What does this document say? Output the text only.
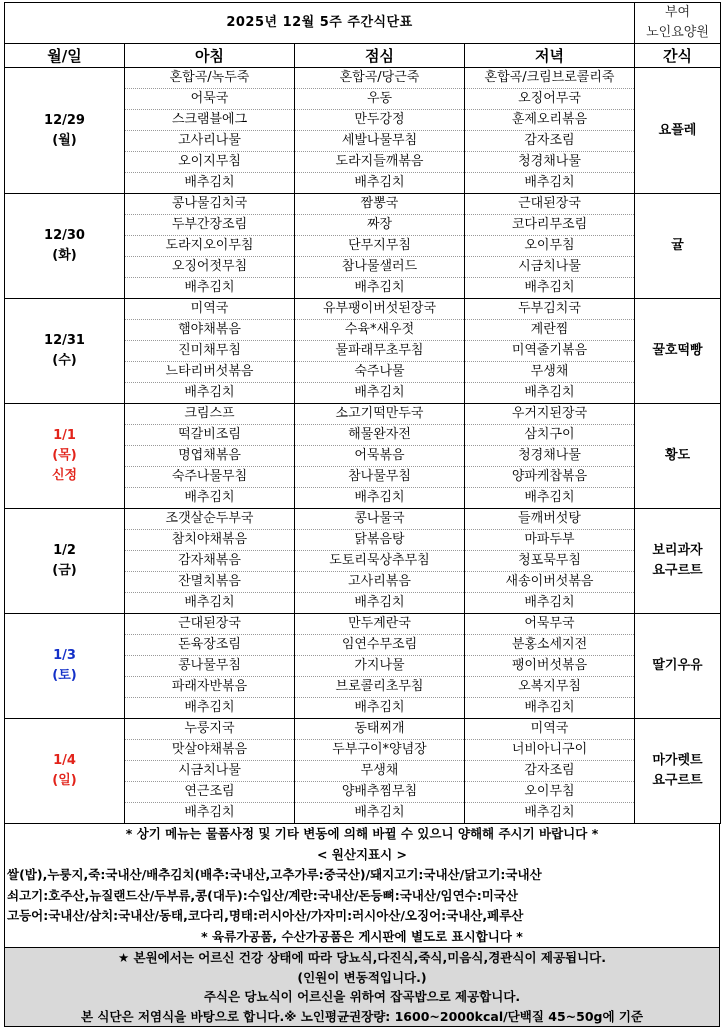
2025년 12월 5주 주간식단표				부여
노인요양원

월/일	아침	점심	저녁	간식

12/29
(월)	혼합곡/녹두죽	혼합곡/당근죽	혼합곡/크림브로콜리죽	요플레

	어묵국	우동	오징어무국	
	스크램블에그	만두강정	훈제오리볶음	
	고사리나물	세발나물무침	감자조림	
	오이지무침	도라지들깨볶음	청경채나물	
	배추김치	배추김치	배추김치	

12/30
(화)	콩나물김치국	짬뽕국	근대된장국	귤

	두부간장조림	짜장	코다리무조림	
	도라지오이무침	단무지무침	오이무침	
	오징어젓무침	참나물샐러드	시금치나물	
	배추김치	배추김치	배추김치	

12/31
(수)	미역국	유부팽이버섯된장국	두부김치국	꿀호떡빵

	햄야채볶음	수육*새우젓	계란찜	
	진미채무침	물파래무초무침	미역줄기볶음	
	느타리버섯볶음	숙주나물	무생채	
	배추김치	배추김치	배추김치	

1/1
(목)
신정	크림스프	소고기떡만두국	우거지된장국	황도

	떡갈비조림	해물완자전	삼치구이	
	명엽채볶음	어묵볶음	청경채나물	
	숙주나물무침	참나물무침	양파케찹볶음	
	배추김치	배추김치	배추김치	

1/2
(금)	조갯살순두부국	콩나물국	들깨버섯탕	보리과자
요구르트

	참치야채볶음	닭볶음탕	마파두부	
	감자채볶음	도토리묵상추무침	청포묵무침	
	잔멸치볶음	고사리볶음	새송이버섯볶음	
	배추김치	배추김치	배추김치	

1/3
(토)	근대된장국	만두계란국	어묵무국	딸기우유

	돈육장조림	임연수무조림	분홍소세지전	
	콩나물무침	가지나물	팽이버섯볶음	
	파래자반볶음	브로콜리초무침	오복지무침	
	배추김치	배추김치	배추김치	

1/4
(일)	누룽지국	동태찌개	미역국	마가렛트
요구르트

	맛살야채볶음	두부구이*양념장	너비아니구이	
	시금치나물	무생채	감자조림	
	연근조림	양배추찜무침	오이무침	
	배추김치	배추김치	배추김치	

* 상기 메뉴는 물품사정 및 기타 변동에 의해 바뀔 수 있으니 양해해 주시기 바랍니다 *

< 원산지표시 >

쌀(밥),누룽지,죽:국내산/배추김치(배추:국내산,고추가루:중국산)/돼지고기:국내산/닭고기:국내산

쇠고기:호주산,뉴질랜드산/두부류,콩(대두):수입산/계란:국내산/돈등뼈:국내산/임연수:미국산

고등어:국내산/삼치:국내산/동태,코다리,명태:러시아산/가자미:러시아산/오징어:국내산,페루산

* 육류가공품, 수산가공품은 게시판에 별도로 표시합니다 *

★ 본원에서는 어르신 건강 상태에 따라 당뇨식,다진식,죽식,미음식,경관식이 제공됩니다.

(인원이 변동적입니다.)

주식은 당뇨식이 어르신을 위하여 잡곡밥으로 제공합니다.

본 식단은 저염식을 바탕으로 합니다.※ 노인평균권장량: 1600~2000kcal/단백질 45~50g에 기준
